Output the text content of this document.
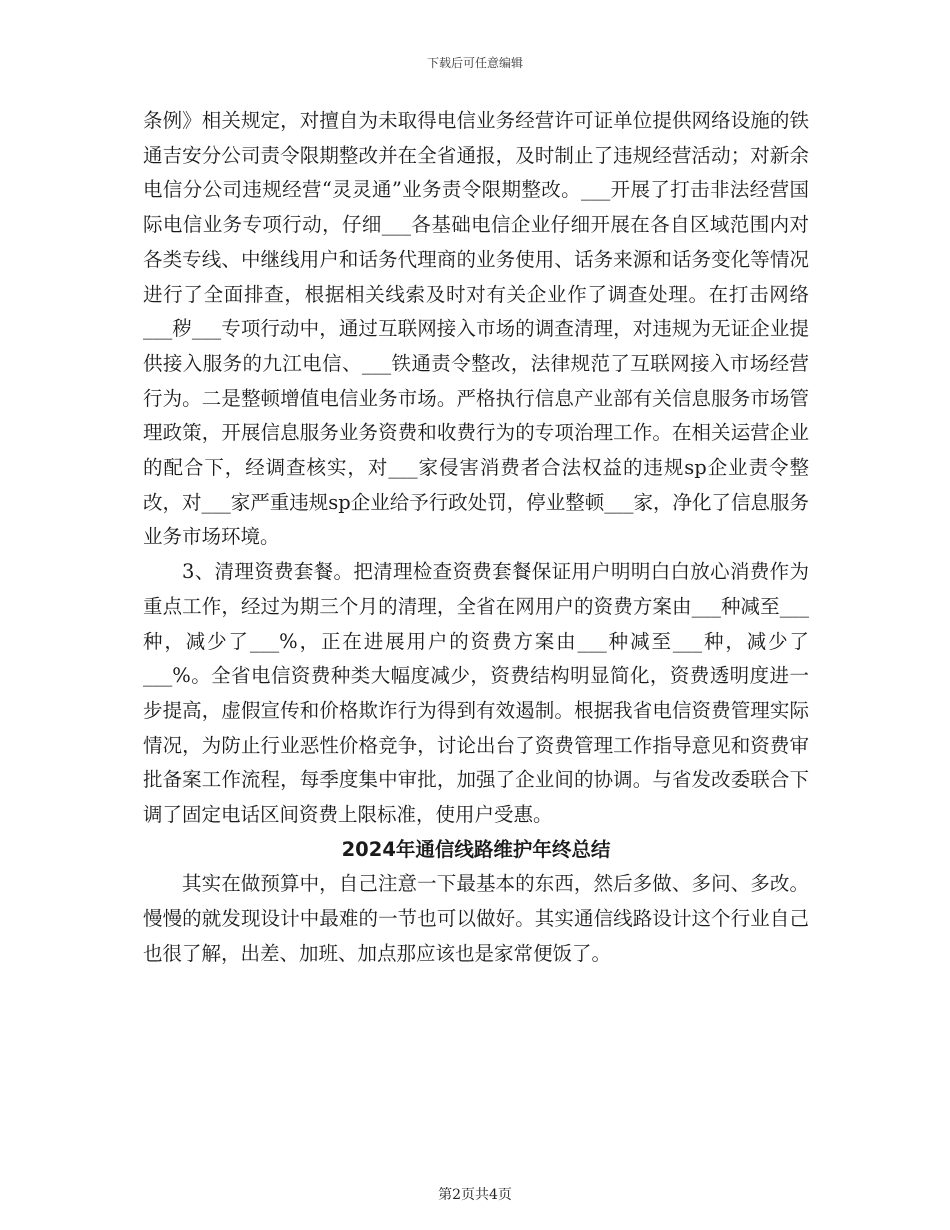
下载后可任意编辑

条例》相关规定，对擅自为未取得电信业务经营许可证单位提供网络设施的铁通吉安分公司责令限期整改并在全省通报，及时制止了违规经营活动；对新余电信分公司违规经营“灵灵通”业务责令限期整改。___开展了打击非法经营国际电信业务专项行动，仔细___各基础电信企业仔细开展在各自区域范围内对各类专线、中继线用户和话务代理商的业务使用、话务来源和话务变化等情况进行了全面排查，根据相关线索及时对有关企业作了调查处理。在打击网络___秽___专项行动中，通过互联网接入市场的调查清理，对违规为无证企业提供接入服务的九江电信、___铁通责令整改，法律规范了互联网接入市场经营行为。二是整顿增值电信业务市场。严格执行信息产业部有关信息服务市场管理政策，开展信息服务业务资费和收费行为的专项治理工作。在相关运营企业的配合下，经调查核实，对___家侵害消费者合法权益的违规sp企业责令整改，对___家严重违规sp企业给予行政处罚，停业整顿___家，净化了信息服务业务市场环境。

3、清理资费套餐。把清理检查资费套餐保证用户明明白白放心消费作为重点工作，经过为期三个月的清理，全省在网用户的资费方案由___种减至___种，减少了___%，正在进展用户的资费方案由___种减至___种，减少了___%。全省电信资费种类大幅度减少，资费结构明显简化，资费透明度进一步提高，虚假宣传和价格欺诈行为得到有效遏制。根据我省电信资费管理实际情况，为防止行业恶性价格竞争，讨论出台了资费管理工作指导意见和资费审批备案工作流程，每季度集中审批，加强了企业间的协调。与省发改委联合下调了固定电话区间资费上限标准，使用户受惠。

2024年通信线路维护年终总结

其实在做预算中，自己注意一下最基本的东西，然后多做、多问、多改。慢慢的就发现设计中最难的一节也可以做好。其实通信线路设计这个行业自己也很了解，出差、加班、加点那应该也是家常便饭了。

第2页共4页
